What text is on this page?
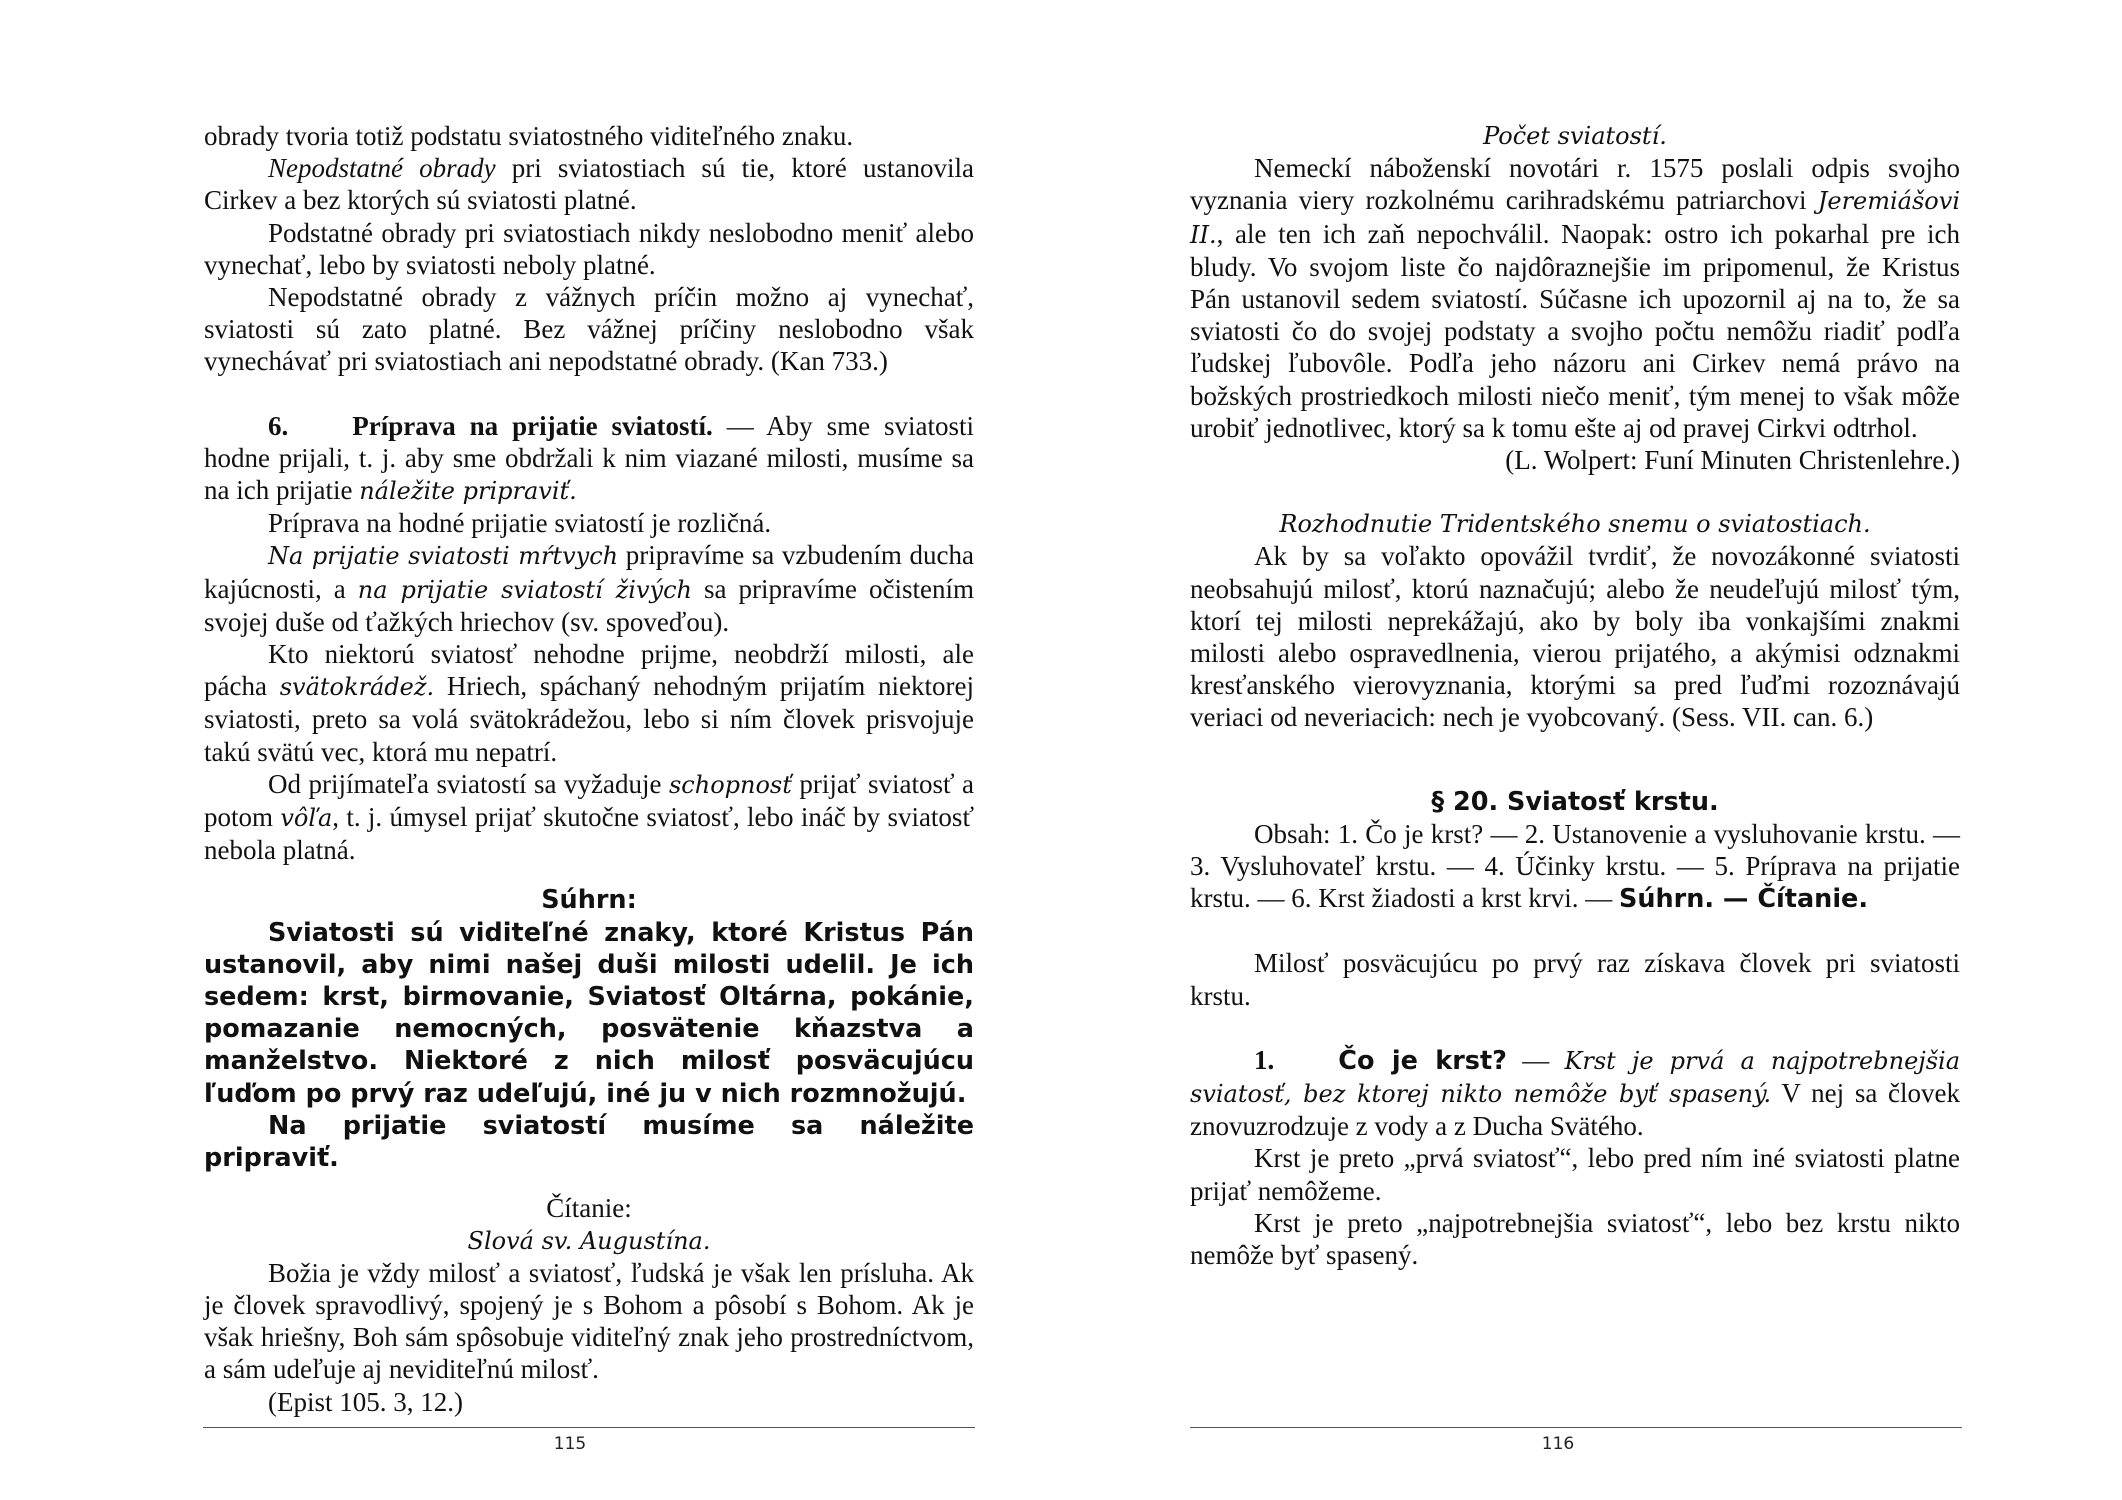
obrady tvoria totiž podstatu sviatostného viditeľného znaku.

Nepodstatné obrady pri sviatostiach sú tie, ktoré ustanovila Cirkev a bez ktorých sú sviatosti platné.

Podstatné obrady pri sviatostiach nikdy neslobodno meniť alebo vynechať, lebo by sviatosti neboly platné.

Nepodstatné obrady z vážnych príčin možno aj vynechať, sviatosti sú zato platné. Bez vážnej príčiny neslobodno však vynechávať pri sviatostiach ani nepodstatné obrady. (Kan 733.)

6. Príprava na prijatie sviatostí. — Aby sme sviatosti hodne prijali, t. j. aby sme obdržali k nim viazané milosti, musíme sa na ich prijatie náležite pripraviť.

Príprava na hodné prijatie sviatostí je rozličná.

Na prijatie sviatosti mŕtvych pripravíme sa vzbudením ducha kajúcnosti, a na prijatie sviatostí živých sa pripravíme očistením svojej duše od ťažkých hriechov (sv. spoveďou).

Kto niektorú sviatosť nehodne prijme, neobdrží milosti, ale pácha svätokrádež. Hriech, spáchaný nehodným prijatím niektorej sviatosti, preto sa volá svätokrádežou, lebo si ním človek prisvojuje takú svätú vec, ktorá mu nepatrí.

Od prijímateľa sviatostí sa vyžaduje schopnosť prijať sviatosť a potom vôľa, t. j. úmysel prijať skutočne sviatosť, lebo ináč by sviatosť nebola platná.

Súhrn:

Sviatosti sú viditeľné znaky, ktoré Kristus Pán ustanovil, aby nimi našej duši milosti udelil. Je ich sedem: krst, birmovanie, Sviatosť Oltárna, pokánie, pomazanie nemocných, posvätenie kňazstva a manželstvo. Niektoré z nich milosť posväcujúcu ľuďom po prvý raz udeľujú, iné ju v nich rozmnožujú.

Na prijatie sviatostí musíme sa náležite pripraviť.

Čítanie:

Slová sv. Augustína.

Božia je vždy milosť a sviatosť, ľudská je však len prísluha. Ak je človek spravodlivý, spojený je s Bohom a pôsobí s Bohom. Ak je však hriešny, Boh sám spôsobuje viditeľný znak jeho prostredníctvom, a sám udeľuje aj neviditeľnú milosť.

(Epist 105. 3, 12.)

Počet sviatostí.

Nemeckí náboženskí novotári r. 1575 poslali odpis svojho vyznania viery rozkolnému carihradskému patriarchovi Jeremiášovi II., ale ten ich zaň nepochválil. Naopak: ostro ich pokarhal pre ich bludy. Vo svojom liste čo najdôraznejšie im pripomenul, že Kristus Pán ustanovil sedem sviatostí. Súčasne ich upozornil aj na to, že sa sviatosti čo do svojej podstaty a svojho počtu nemôžu riadiť podľa ľudskej ľubovôle. Podľa jeho názoru ani Cirkev nemá právo na božských prostriedkoch milosti niečo meniť, tým menej to však môže urobiť jednotlivec, ktorý sa k tomu ešte aj od pravej Cirkvi odtrhol.

(L. Wolpert: Funí Minuten Christenlehre.)

Rozhodnutie Tridentského snemu o sviatostiach.

Ak by sa voľakto opovážil tvrdiť, že novozákonné sviatosti neobsahujú milosť, ktorú naznačujú; alebo že neudeľujú milosť tým, ktorí tej milosti neprekážajú, ako by boly iba vonkajšími znakmi milosti alebo ospravedlnenia, vierou prijatého, a akýmisi odznakmi kresťanského vierovyznania, ktorými sa pred ľuďmi rozoznávajú veriaci od neveriacich: nech je vyobcovaný. (Sess. VII. can. 6.)

§ 20. Sviatosť krstu.

Obsah: 1. Čo je krst? — 2. Ustanovenie a vysluhovanie krstu. — 3. Vysluhovateľ krstu. — 4. Účinky krstu. — 5. Príprava na prijatie krstu. — 6. Krst žiadosti a krst krvi. — Súhrn. — Čítanie.

Milosť posväcujúcu po prvý raz získava človek pri sviatosti krstu.

1.	Čo je krst? — Krst je prvá a najpotrebnejšia sviatosť, bez ktorej nikto nemôže byť spasený. V nej sa človek znovuzrodzuje z vody a z Ducha Svätého.

Krst je preto „prvá sviatosť“, lebo pred ním iné sviatosti platne prijať nemôžeme.

Krst je preto „najpotrebnejšia sviatosť“, lebo bez krstu nikto nemôže byť spasený.

115	116
